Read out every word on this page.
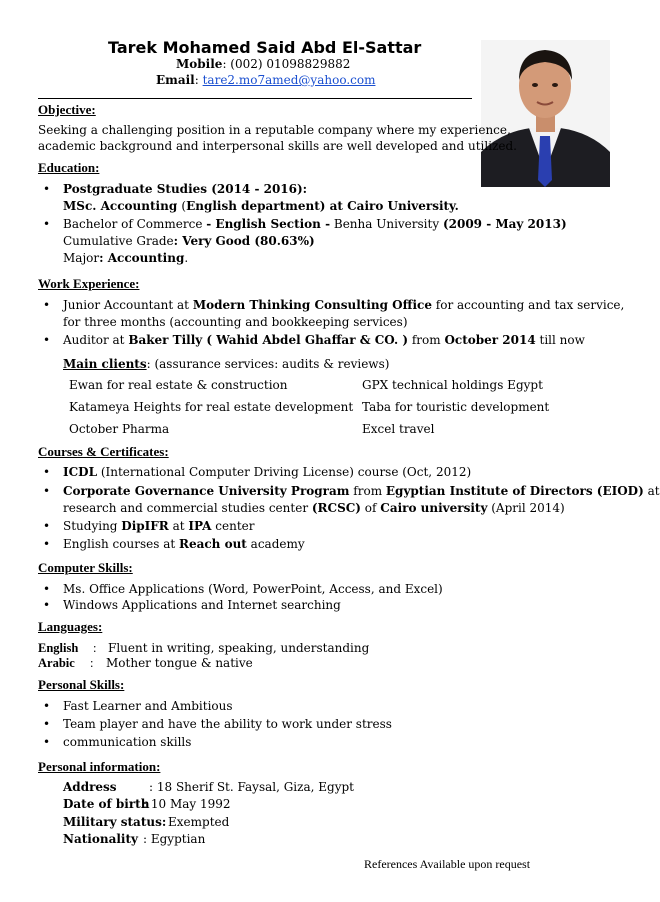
Tarek Mohamed Said Abd El-Sattar
Mobile: (002) 01098829882
Email: tare2.mo7amed@yahoo.com
Objective:
Seeking a challenging position in a reputable company where my experience,
academic background and interpersonal skills are well developed and utilized.
Education:
• Postgraduate Studies (2014 - 2016):
MSc. Accounting (English department) at Cairo University.
• Bachelor of Commerce - English Section - Benha University (2009 - May 2013)
Cumulative Grade: Very Good (80.63%)
Major: Accounting.
Work Experience:
• Junior Accountant at Modern Thinking Consulting Office for accounting and tax service,
for three months (accounting and bookkeeping services)
• Auditor at Baker Tilly ( Wahid Abdel Ghaffar & CO. ) from October 2014 till now
Main clients: (assurance services: audits & reviews)
Ewan for real estate & construction	GPX technical holdings Egypt
Katameya Heights for real estate development Taba for touristic development
October Pharma	Excel travel
Courses & Certificates:
• ICDL (International Computer Driving License) course (Oct, 2012)
• Corporate Governance University Program from Egyptian Institute of Directors (EIOD) at
research and commercial studies center (RCSC) of Cairo university (April 2014)
• Studying DipIFR at IPA center
• English courses at Reach out academy
Computer Skills:
• Ms. Office Applications (Word, PowerPoint, Access, and Excel)
• Windows Applications and Internet searching
Languages:
English : Fluent in writing, speaking, understanding
Arabic : Mother tongue & native
Personal Skills:
• Fast Learner and Ambitious
• Team player and have the ability to work under stress
• communication skills
Personal information:
Address	: 18 Sherif St. Faysal, Giza, Egypt
Date of birth
: 10 May 1992
Military status: Exempted
Nationality : Egyptian
References Available upon request
